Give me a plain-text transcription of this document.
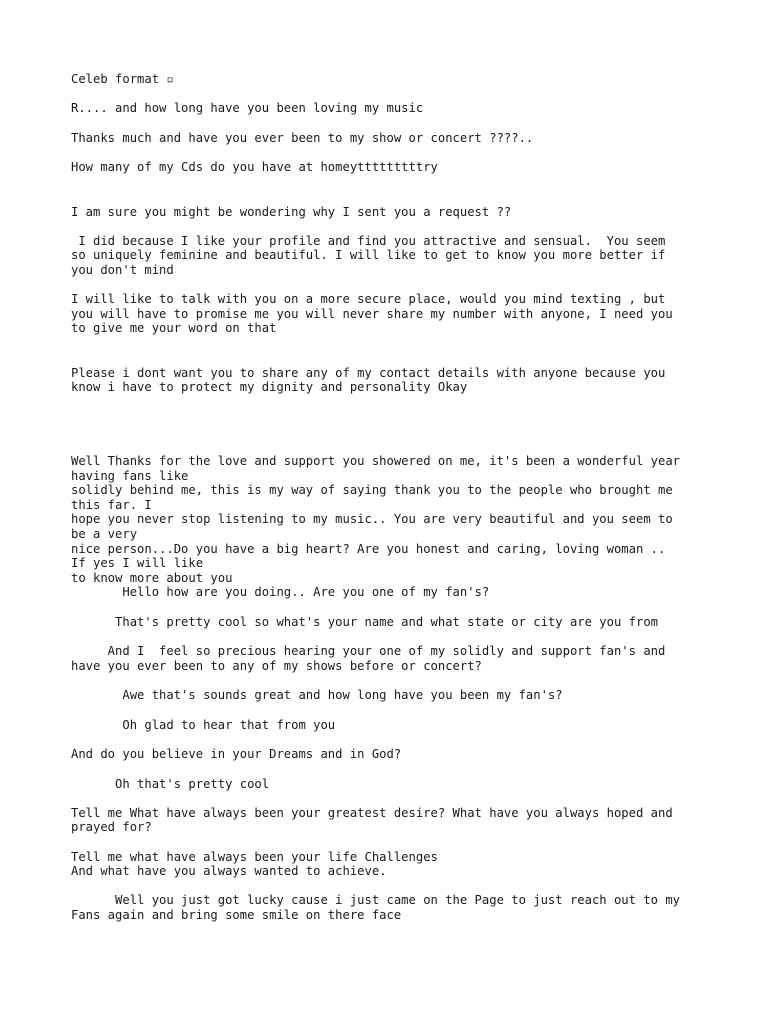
Celeb format ▫

R.... and how long have you been loving my music

Thanks much and have you ever been to my show or concert ????..

How many of my Cds do you have at homeytttttttttry

I am sure you might be wondering why I sent you a request ??

I did because I like your profile and find you attractive and sensual.  You seem

so uniquely feminine and beautiful. I will like to get to know you more better if

you don't mind

I will like to talk with you on a more secure place, would you mind texting , but

you will have to promise me you will never share my number with anyone, I need you

to give me your word on that

Please i dont want you to share any of my contact details with anyone because you

know i have to protect my dignity and personality Okay

Well Thanks for the love and support you showered on me, it's been a wonderful year

having fans like

solidly behind me, this is my way of saying thank you to the people who brought me

this far. I

hope you never stop listening to my music.. You are very beautiful and you seem to

be a very

nice person...Do you have a big heart? Are you honest and caring, loving woman ..

If yes I will like

to know more about you

Hello how are you doing.. Are you one of my fan's?

That's pretty cool so what's your name and what state or city are you from

And I  feel so precious hearing your one of my solidly and support fan's and

have you ever been to any of my shows before or concert?

Awe that's sounds great and how long have you been my fan's?

Oh glad to hear that from you

And do you believe in your Dreams and in God?

Oh that's pretty cool

Tell me What have always been your greatest desire? What have you always hoped and

prayed for?

Tell me what have always been your life Challenges

And what have you always wanted to achieve.

Well you just got lucky cause i just came on the Page to just reach out to my

Fans again and bring some smile on there face
